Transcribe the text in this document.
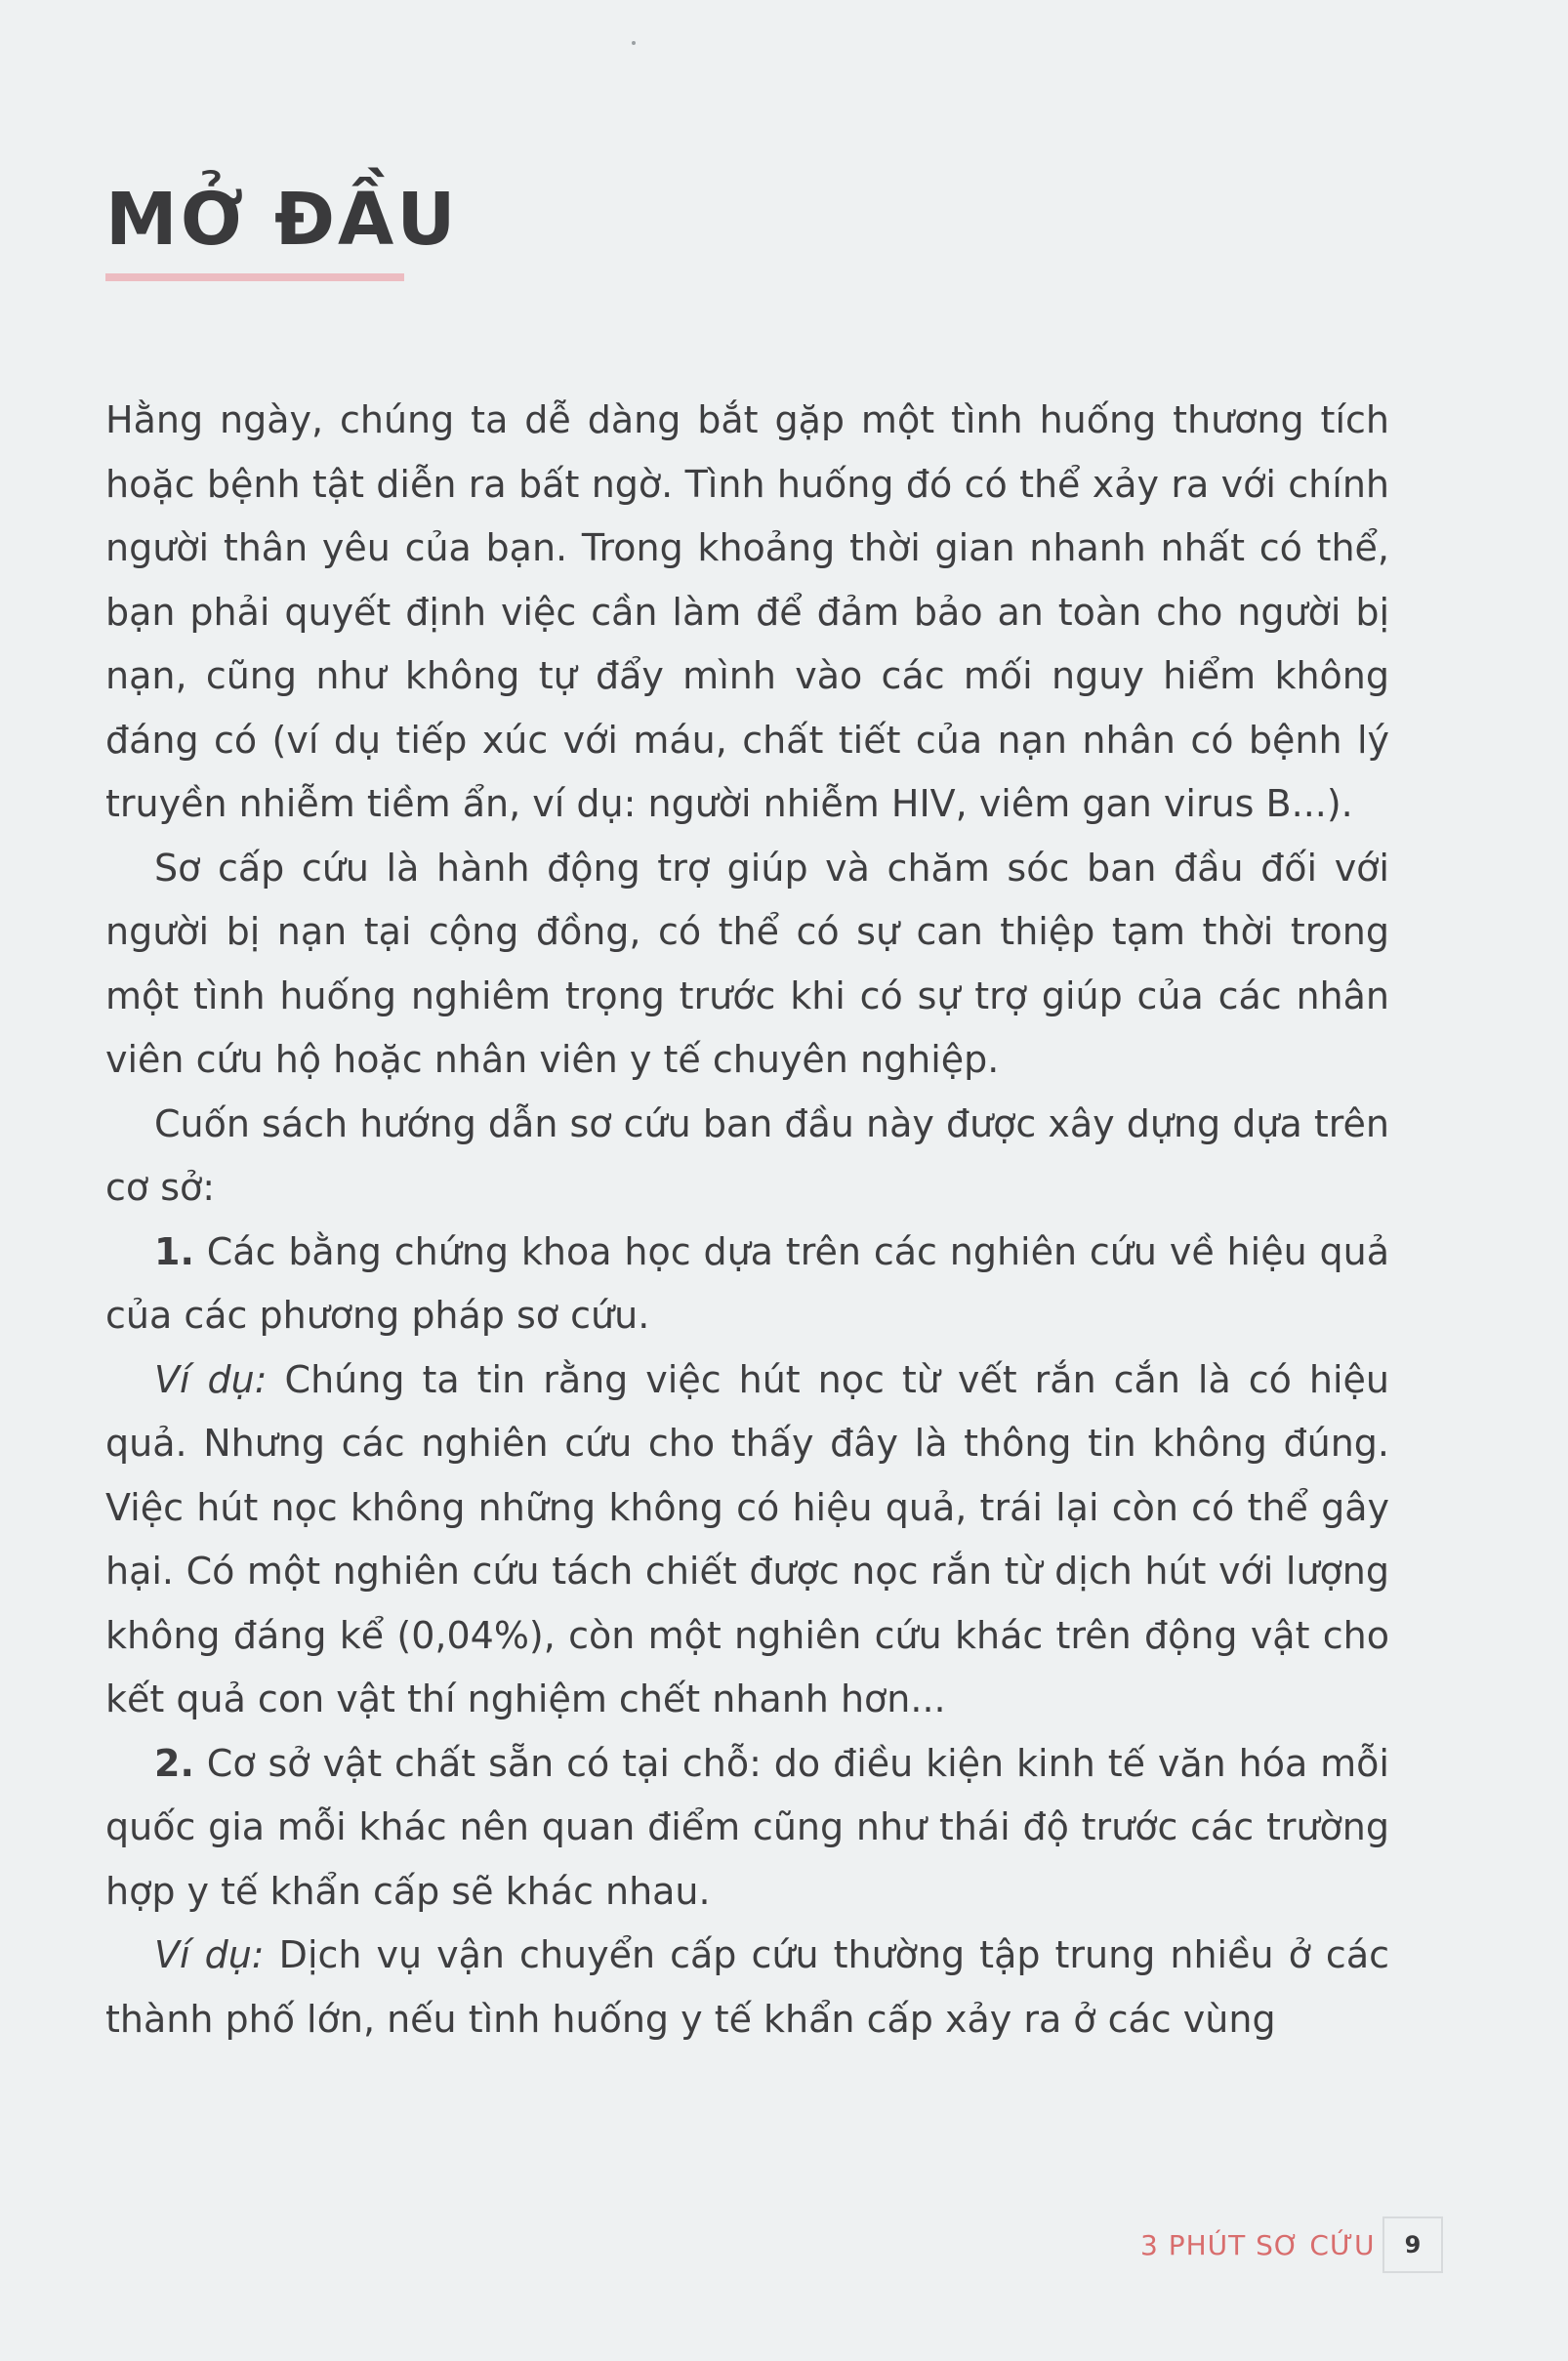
MỞ ĐẦU

Hằng ngày, chúng ta dễ dàng bắt gặp một tình huống thương tích hoặc bệnh tật diễn ra bất ngờ. Tình huống đó có thể xảy ra với chính người thân yêu của bạn. Trong khoảng thời gian nhanh nhất có thể, bạn phải quyết định việc cần làm để đảm bảo an toàn cho người bị nạn, cũng như không tự đẩy mình vào các mối nguy hiểm không đáng có (ví dụ tiếp xúc với máu, chất tiết của nạn nhân có bệnh lý truyền nhiễm tiềm ẩn, ví dụ: người nhiễm HIV, viêm gan virus B...).

Sơ cấp cứu là hành động trợ giúp và chăm sóc ban đầu đối với người bị nạn tại cộng đồng, có thể có sự can thiệp tạm thời trong một tình huống nghiêm trọng trước khi có sự trợ giúp của các nhân viên cứu hộ hoặc nhân viên y tế chuyên nghiệp.

Cuốn sách hướng dẫn sơ cứu ban đầu này được xây dựng dựa trên cơ sở:

1. Các bằng chứng khoa học dựa trên các nghiên cứu về hiệu quả của các phương pháp sơ cứu.

Ví dụ: Chúng ta tin rằng việc hút nọc từ vết rắn cắn là có hiệu quả. Nhưng các nghiên cứu cho thấy đây là thông tin không đúng. Việc hút nọc không những không có hiệu quả, trái lại còn có thể gây hại. Có một nghiên cứu tách chiết được nọc rắn từ dịch hút với lượng không đáng kể (0,04%), còn một nghiên cứu khác trên động vật cho kết quả con vật thí nghiệm chết nhanh hơn...

2. Cơ sở vật chất sẵn có tại chỗ: do điều kiện kinh tế văn hóa mỗi quốc gia mỗi khác nên quan điểm cũng như thái độ trước các trường hợp y tế khẩn cấp sẽ khác nhau.

Ví dụ: Dịch vụ vận chuyển cấp cứu thường tập trung nhiều ở các thành phố lớn, nếu tình huống y tế khẩn cấp xảy ra ở các vùng

3 PHÚT SƠ CỨU	9
